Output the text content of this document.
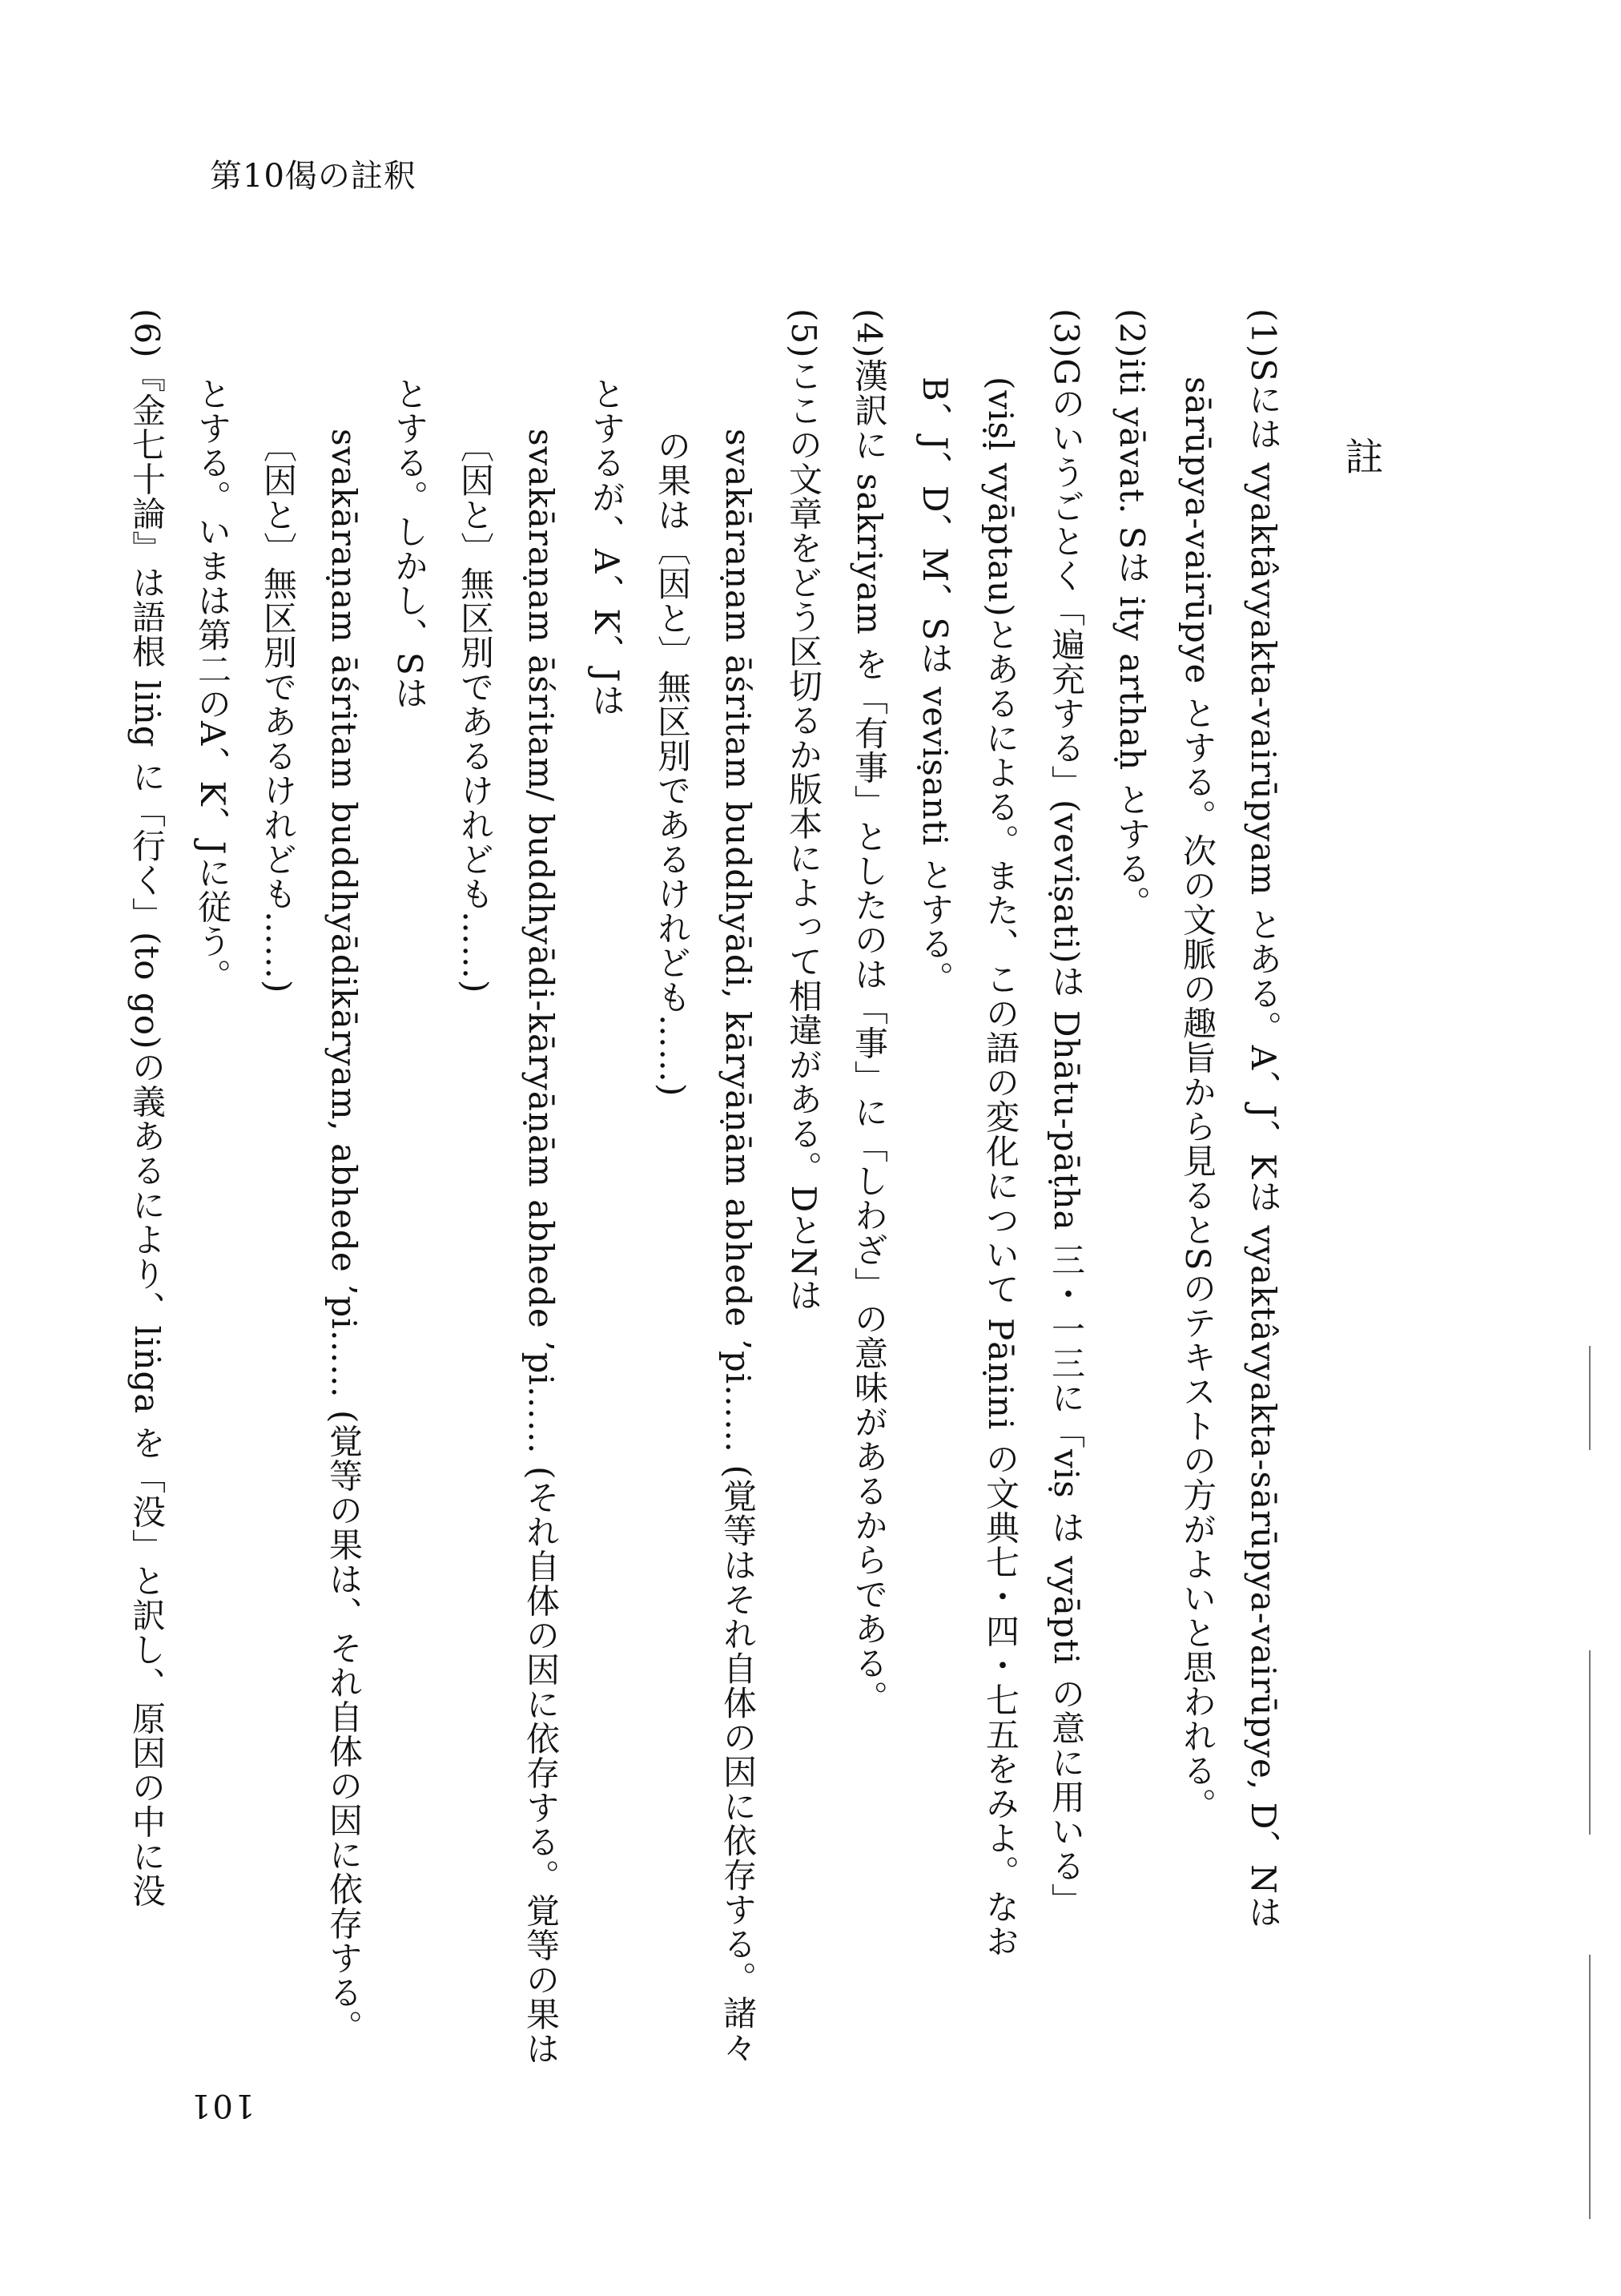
第10偈の註釈

註

(1)Sには vyaktâvyakta-vairūpyam とある。A、J、Kは vyaktâvyakta-sārūpya-vairūpye, D、Nは

sārūpya-vairūpye とする。次の文脈の趣旨から見るとSのテキストの方がよいと思われる。

(2)iti yāvat. Sは ity arthaḥ とする。

(3)Gのいうごとく「遍充する」(veviṣati)は Dhātu-pāṭha 三・一三に「viṣ は vyāpti の意に用いる」

(viṣḷ vyāptau)とあるによる。また、この語の変化について Pāṇini の文典七・四・七五をみよ。なお

B、J、D、M、Sは veviṣanti とする。

(4)漢訳に sakriyam を「有事」としたのは「事」に「しわざ」の意味があるからである。

(5)ここの文章をどう区切るか版本によって相違がある。DとNは

svakāraṇam āśritam buddhyādi, kāryāṇām abhede ’pi…… (覚等はそれ自体の因に依存する。諸々

の果は〔因と〕無区別であるけれども……)

とするが、A、K、Jは

svakāraṇam āśritam/ buddhyādi-kāryāṇām abhede ’pi…… (それ自体の因に依存する。覚等の果は

〔因と〕無区別であるけれども……)

とする。しかし、Sは

svakāraṇam āśritam buddhyādikāryam, abhede ’pi…… (覚等の果は、それ自体の因に依存する。

〔因と〕無区別であるけれども……)

とする。いまは第二のA、K、Jに従う。

(6)『金七十論』は語根 liṅg に「行く」(to go)の義あるにより、liṅga を「没」と訳し、原因の中に没

101
